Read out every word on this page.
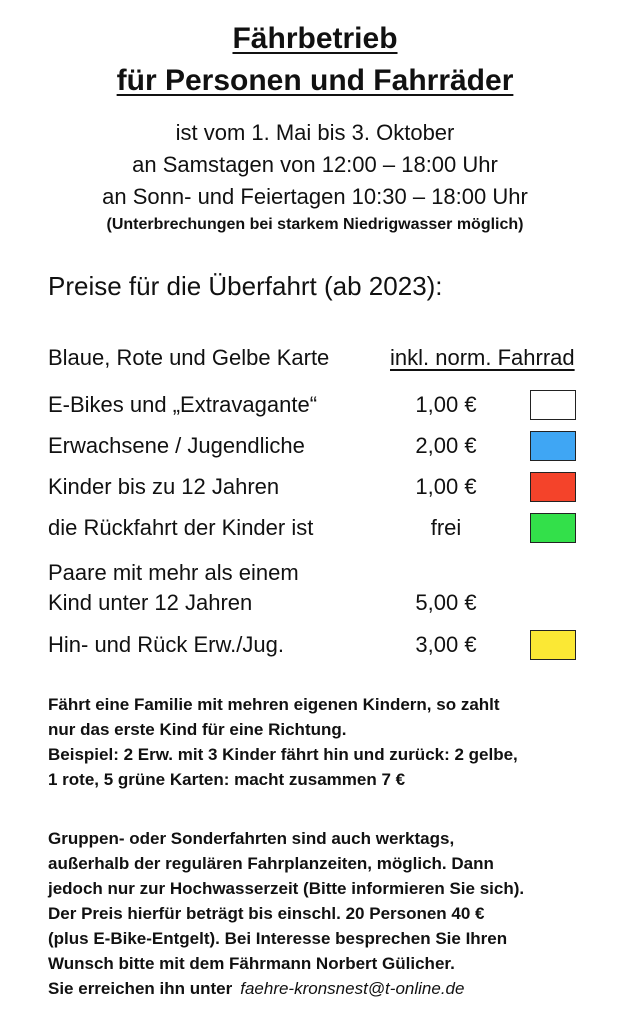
Fährbetrieb
für Personen und Fahrräder
ist vom 1. Mai bis 3. Oktober
an Samstagen von 12:00 – 18:00 Uhr
an Sonn- und Feiertagen 10:30 – 18:00 Uhr
(Unterbrechungen bei starkem Niedrigwasser möglich)
Preise für die Überfahrt (ab 2023):
Blaue, Rote und Gelbe Karte	inkl. norm. Fahrrad
E-Bikes und „Extravagante“	1,00 €
Erwachsene / Jugendliche	2,00 €
Kinder bis zu 12 Jahren	1,00 €
die Rückfahrt der Kinder ist	frei
Paare mit mehr als einem
Kind unter 12 Jahren	5,00 €
Hin- und Rück Erw./Jug.	3,00 €
Fährt eine Familie mit mehren eigenen Kindern, so zahlt
nur das erste Kind für eine Richtung.
Beispiel: 2 Erw. mit 3 Kinder fährt hin und zurück: 2 gelbe,
1 rote, 5 grüne Karten: macht zusammen 7 €
Gruppen- oder Sonderfahrten sind auch werktags,
außerhalb der regulären Fahrplanzeiten, möglich. Dann
jedoch nur zur Hochwasserzeit (Bitte informieren Sie sich).
Der Preis hierfür beträgt bis einschl. 20 Personen 40 €
(plus E-Bike-Entgelt). Bei Interesse besprechen Sie Ihren
Wunsch bitte mit dem Fährmann Norbert Gülicher.
Sie erreichen ihn unter faehre-kronsnest@t-online.de
